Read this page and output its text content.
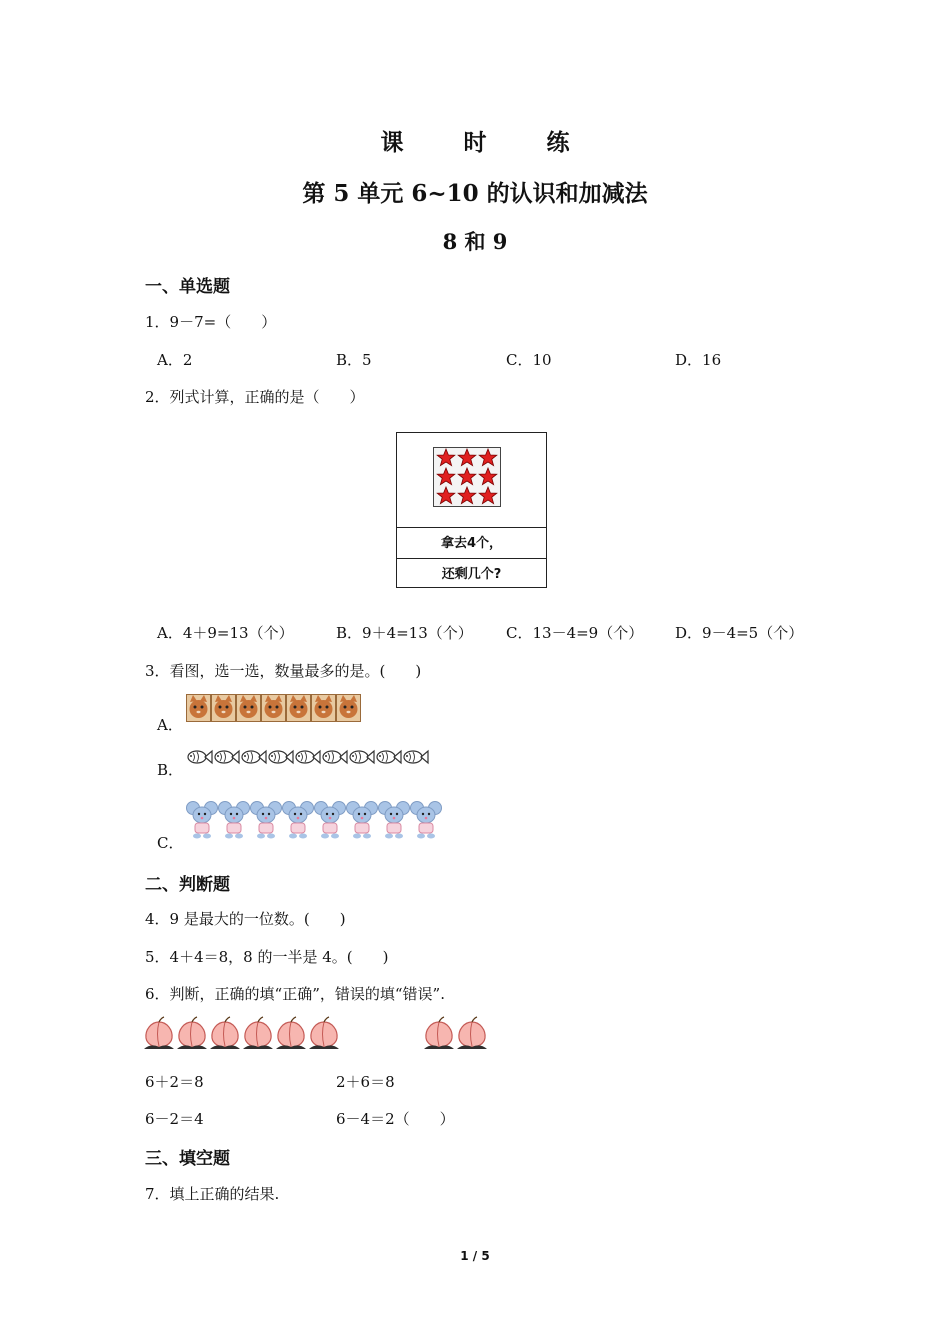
课 时 练
第 5 单元 6~10 的认识和加减法
8 和 9
一、单选题
1．9－7=（　　）
A．2	B．5	C．10	D．16
2．列式计算，正确的是（　　）
拿去4个，
还剩几个?
A．4＋9=13（个）	B．9＋4=13（个） C．13－4=9（个） D．9－4=5（个）
3．看图，选一选，数量最多的是。(　　)
A．
B．
C．
二、判断题
4．9 是最大的一位数。(　　)
5．4＋4＝8，8 的一半是 4。(　　)
6．判断，正确的填“正确”，错误的填“错误”.
6＋2＝8	2＋6＝8
6－2＝4	6－4＝2（　　）
三、填空题
7．填上正确的结果.
1 / 5
